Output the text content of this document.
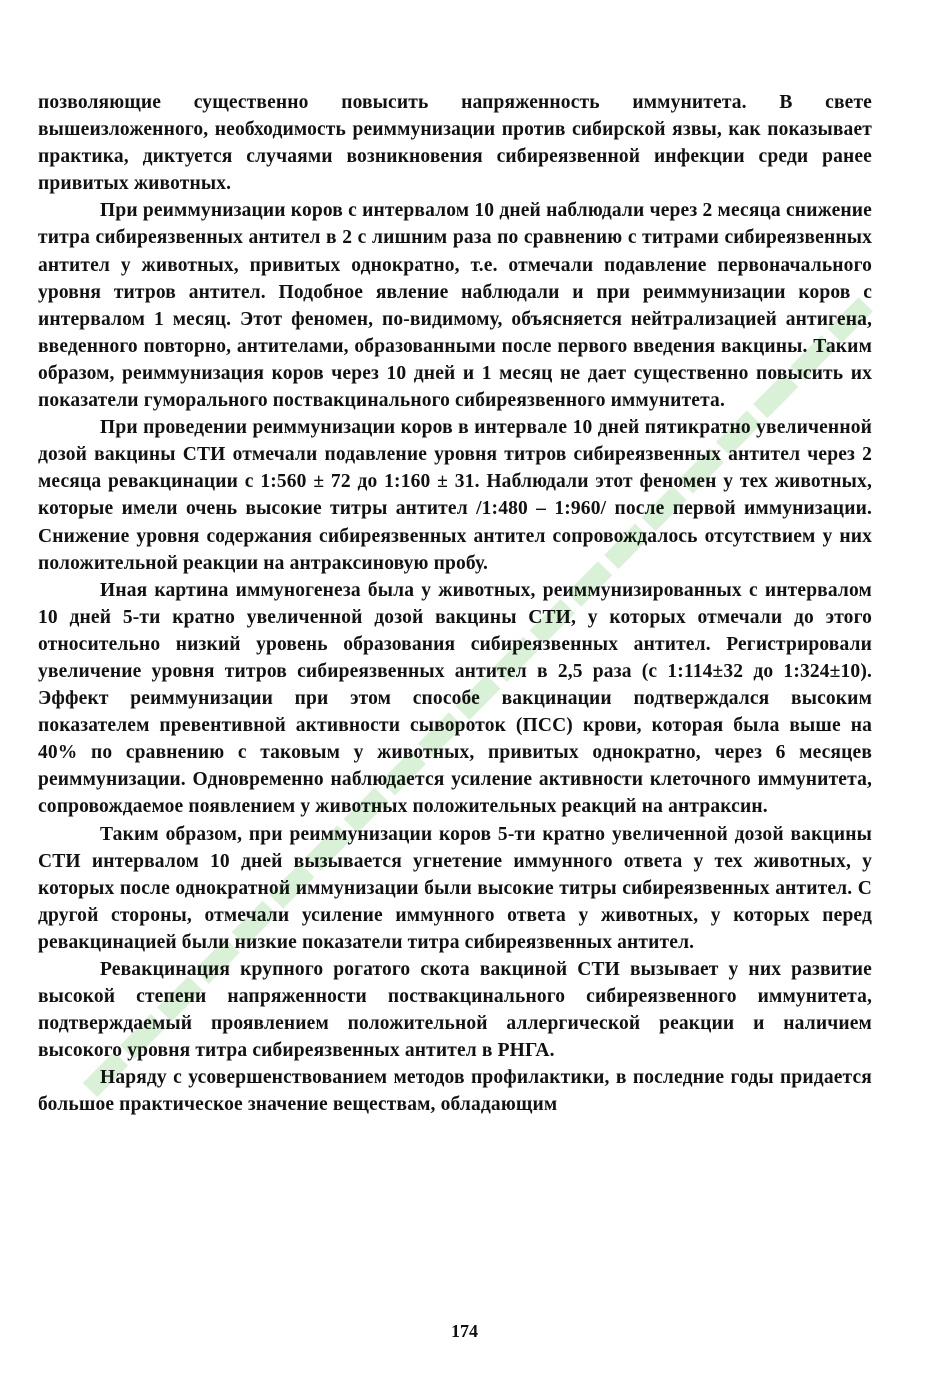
позволяющие существенно повысить напряженность иммунитета. В свете вышеизложенного, необходимость реиммунизации против сибирской язвы, как показывает практика, диктуется случаями возникновения сибиреязвенной инфекции среди ранее привитых животных.

При реиммунизации коров с интервалом 10 дней наблюдали через 2 месяца снижение титра сибиреязвенных антител в 2 с лишним раза по сравнению с титрами сибиреязвенных антител у животных, привитых однократно, т.е. отмечали подавление первоначального уровня титров антител. Подобное явление наблюдали и при реиммунизации коров с интервалом 1 месяц. Этот феномен, по-видимому, объясняется нейтрализацией антигена, введенного повторно, антителами, образованными после первого введения вакцины. Таким образом, реиммунизация коров через 10 дней и 1 месяц не дает существенно повысить их показатели гуморального поствакцинального сибиреязвенного иммунитета.

При проведении реиммунизации коров в интервале 10 дней пятикратно увеличенной дозой вакцины СТИ отмечали подавление уровня титров сибиреязвенных антител через 2 месяца ревакцинации с 1:560 ± 72 до 1:160 ± 31. Наблюдали этот феномен у тех животных, которые имели очень высокие титры антител /1:480 – 1:960/ после первой иммунизации. Снижение уровня содержания сибиреязвенных антител сопровождалось отсутствием у них положительной реакции на антраксиновую пробу.

Иная картина иммуногенеза была у животных, реиммунизированных с интервалом 10 дней 5-ти кратно увеличенной дозой вакцины СТИ, у которых отмечали до этого относительно низкий уровень образования сибиреязвенных антител. Регистрировали увеличение уровня титров сибиреязвенных антител в 2,5 раза (с 1:114±32 до 1:324±10). Эффект реиммунизации при этом способе вакцинации подтверждался высоким показателем превентивной активности сывороток (ПСС) крови, которая была выше на 40% по сравнению с таковым у животных, привитых однократно, через 6 месяцев реиммунизации. Одновременно наблюдается усиление активности клеточного иммунитета, сопровождаемое появлением у животных положительных реакций на антраксин.

Таким образом, при реиммунизации коров 5-ти кратно увеличенной дозой вакцины СТИ интервалом 10 дней вызывается угнетение иммунного ответа у тех животных, у которых после однократной иммунизации были высокие титры сибиреязвенных антител. С другой стороны, отмечали усиление иммунного ответа у животных, у которых перед ревакцинацией были низкие показатели титра сибиреязвенных антител.

Ревакцинация крупного рогатого скота вакциной СТИ вызывает у них развитие высокой степени напряженности поствакцинального сибиреязвенного иммунитета, подтверждаемый проявлением положительной аллергической реакции и наличием высокого уровня титра сибиреязвенных антител в РНГА.

Наряду с усовершенствованием методов профилактики, в последние годы придается большое практическое значение веществам, обладающим

174
